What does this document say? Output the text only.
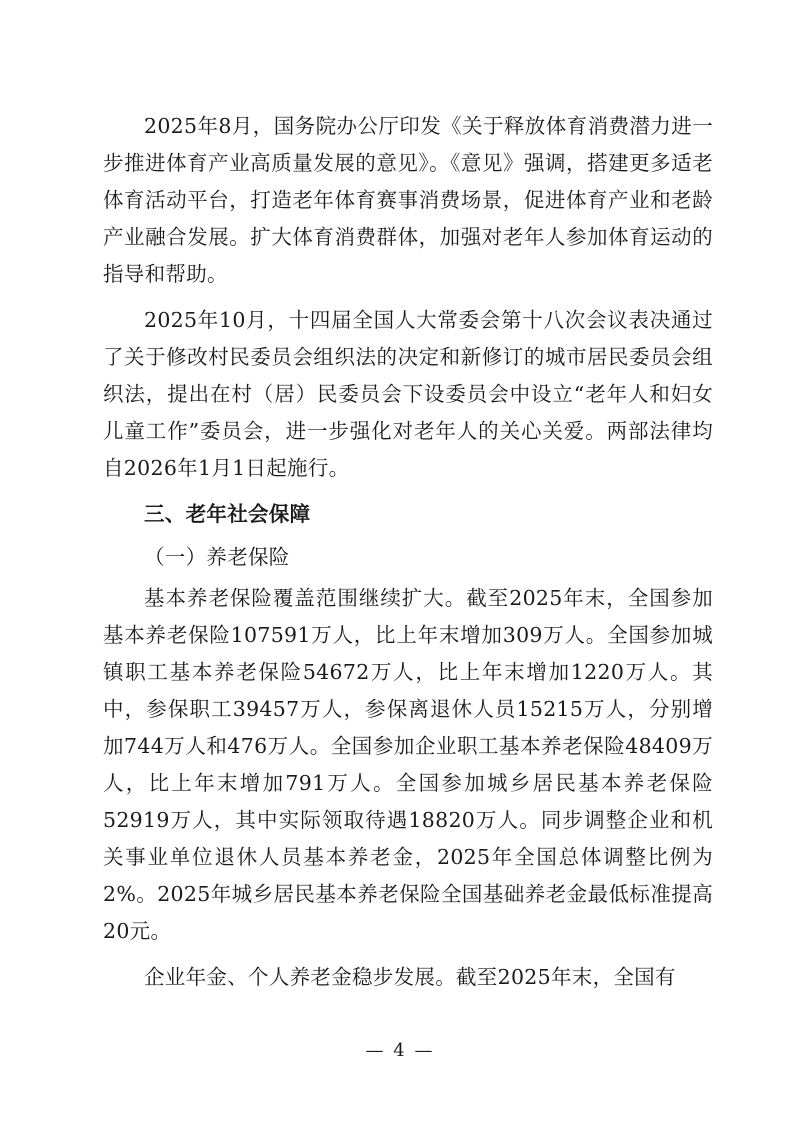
2025年8月，国务院办公厅印发《关于释放体育消费潜力进一步推进体育产业高质量发展的意见》。《意见》强调，搭建更多适老体育活动平台，打造老年体育赛事消费场景，促进体育产业和老龄产业融合发展。扩大体育消费群体，加强对老年人参加体育运动的指导和帮助。

2025年10月，十四届全国人大常委会第十八次会议表决通过了关于修改村民委员会组织法的决定和新修订的城市居民委员会组织法，提出在村（居）民委员会下设委员会中设立“老年人和妇女儿童工作”委员会，进一步强化对老年人的关心关爱。两部法律均自2026年1月1日起施行。

三、老年社会保障

（一）养老保险

基本养老保险覆盖范围继续扩大。截至2025年末，全国参加基本养老保险107591万人，比上年末增加309万人。全国参加城镇职工基本养老保险54672万人，比上年末增加1220万人。其中，参保职工39457万人，参保离退休人员15215万人，分别增加744万人和476万人。全国参加企业职工基本养老保险48409万人，比上年末增加791万人。全国参加城乡居民基本养老保险52919万人，其中实际领取待遇18820万人。同步调整企业和机关事业单位退休人员基本养老金，2025年全国总体调整比例为2%。2025年城乡居民基本养老保险全国基础养老金最低标准提高20元。

企业年金、个人养老金稳步发展。截至2025年末，全国有

— 4 —
